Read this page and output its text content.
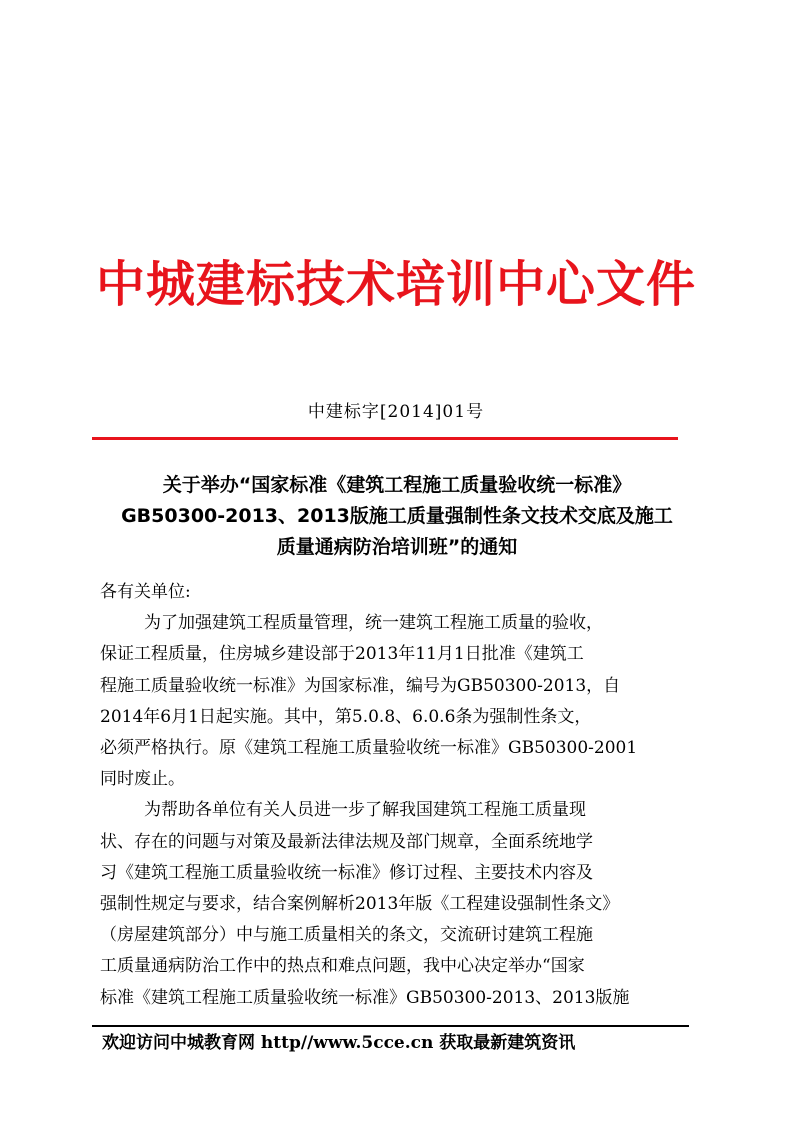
中城建标技术培训中心文件
中建标字[2014]01号
关于举办“国家标准《建筑工程施工质量验收统一标准》
GB50300-2013、2013版施工质量强制性条文技术交底及施工
质量通病防治培训班”的通知
各有关单位:
为了加强建筑工程质量管理，统一建筑工程施工质量的验收，
保证工程质量，住房城乡建设部于2013年11月1日批准《建筑工
程施工质量验收统一标准》为国家标准，编号为GB50300-2013，自
2014年6月1日起实施。其中，第5.0.8、6.0.6条为强制性条文，
必须严格执行。原《建筑工程施工质量验收统一标准》GB50300-2001
同时废止。
为帮助各单位有关人员进一步了解我国建筑工程施工质量现
状、存在的问题与对策及最新法律法规及部门规章，全面系统地学
习《建筑工程施工质量验收统一标准》修订过程、主要技术内容及
强制性规定与要求，结合案例解析2013年版《工程建设强制性条文》
（房屋建筑部分）中与施工质量相关的条文，交流研讨建筑工程施
工质量通病防治工作中的热点和难点问题，我中心决定举办“国家
标准《建筑工程施工质量验收统一标准》GB50300-2013、2013版施
欢迎访问中城教育网 http//www.5cce.cn 获取最新建筑资讯
